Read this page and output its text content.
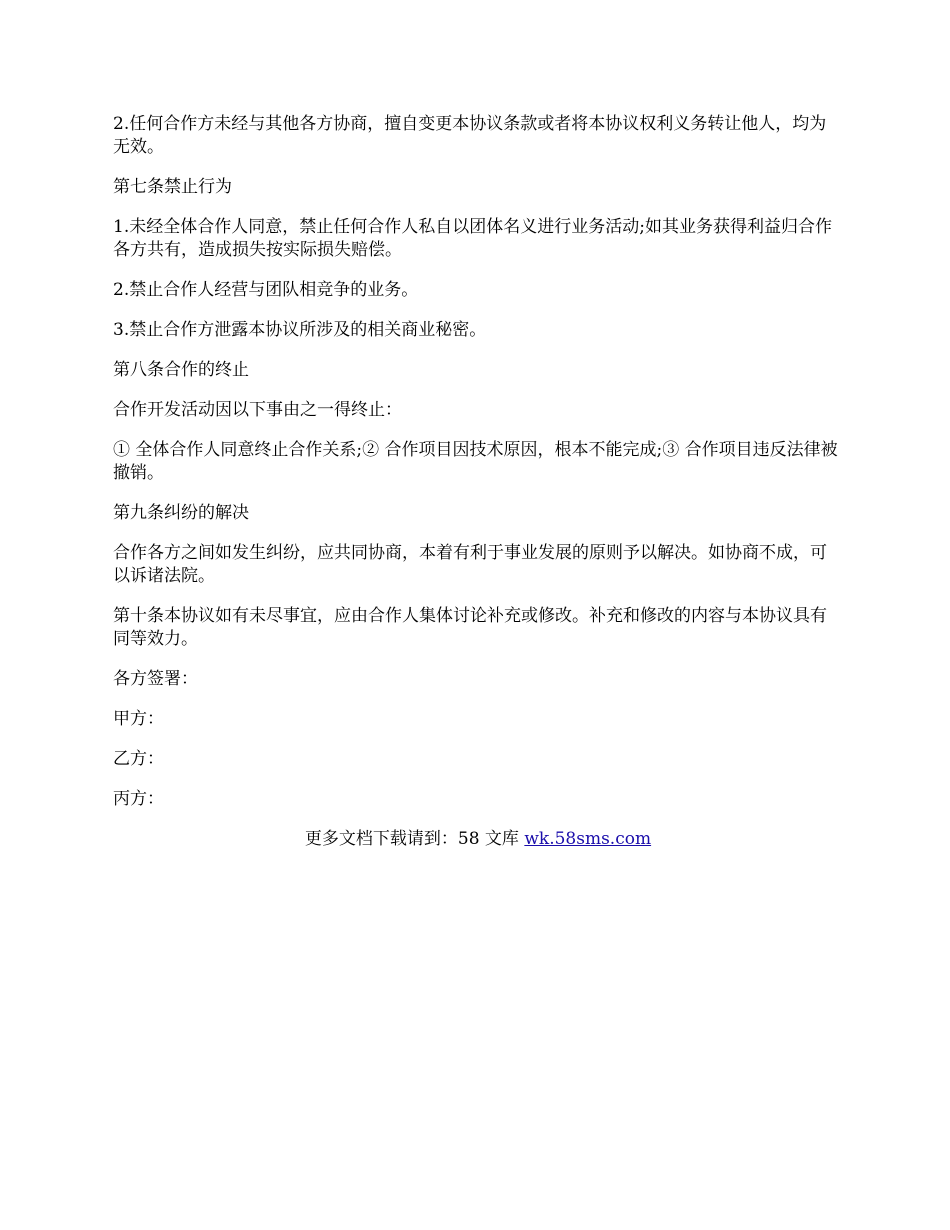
2.任何合作方未经与其他各方协商，擅自变更本协议条款或者将本协议权利义务转让他人，均为无效。

第七条禁止行为

1.未经全体合作人同意，禁止任何合作人私自以团体名义进行业务活动;如其业务获得利益归合作各方共有，造成损失按实际损失赔偿。

2.禁止合作人经营与团队相竞争的业务。

3.禁止合作方泄露本协议所涉及的相关商业秘密。

第八条合作的终止

合作开发活动因以下事由之一得终止：

① 全体合作人同意终止合作关系;② 合作项目因技术原因，根本不能完成;③ 合作项目违反法律被撤销。

第九条纠纷的解决

合作各方之间如发生纠纷，应共同协商，本着有利于事业发展的原则予以解决。如协商不成，可以诉诸法院。

第十条本协议如有未尽事宜，应由合作人集体讨论补充或修改。补充和修改的内容与本协议具有同等效力。

各方签署：

甲方：

乙方：

丙方：

更多文档下载请到：58 文库 wk.58sms.com
